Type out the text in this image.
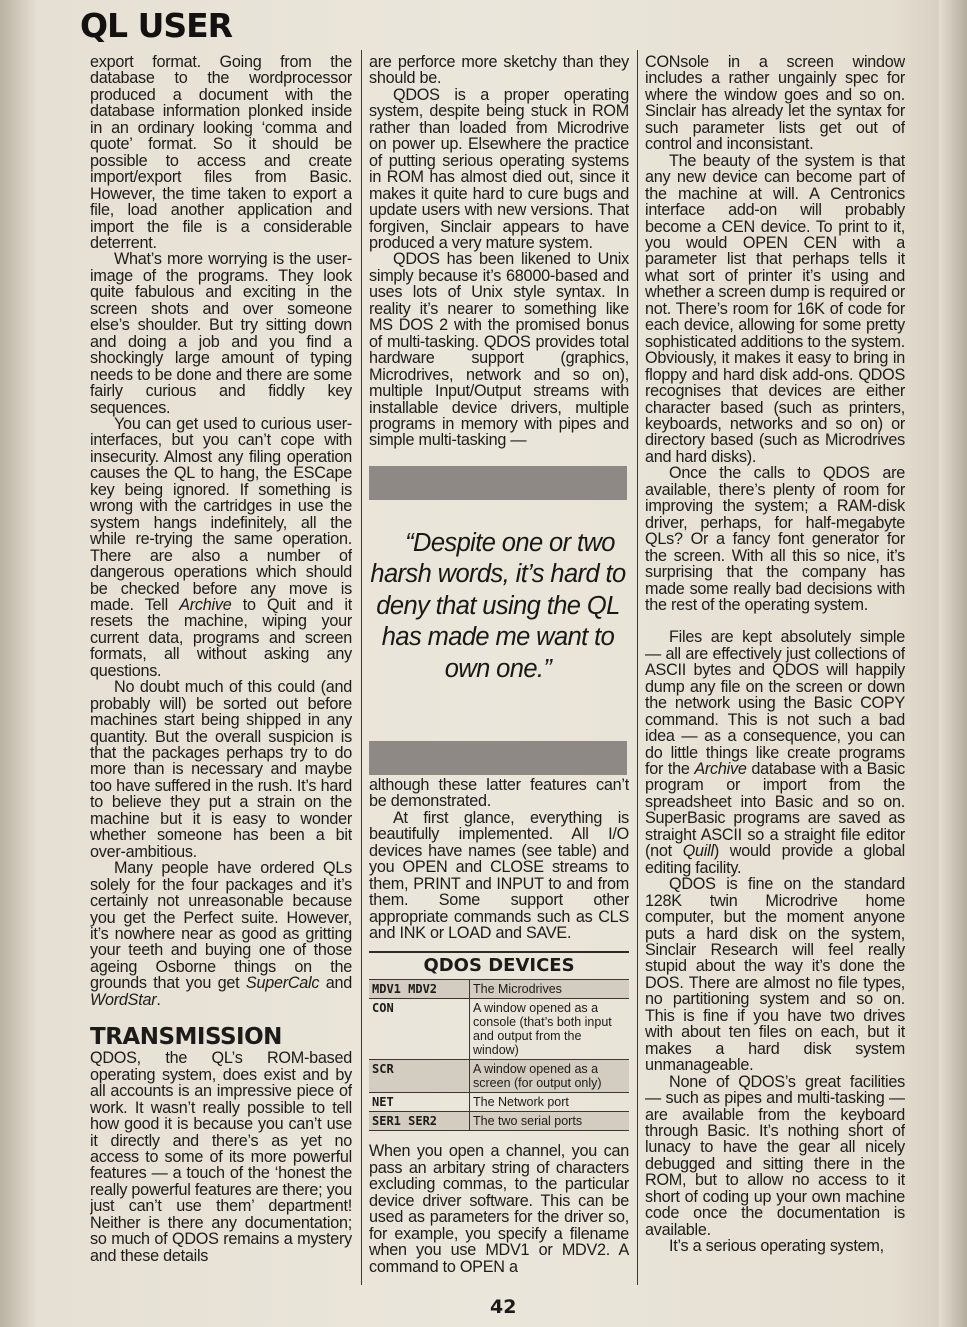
QL USER

export format. Going from the database to the wordprocessor produced a document with the database information plonked inside in an ordinary looking ‘comma and quote’ format. So it should be possible to access and create import/export files from Basic. However, the time taken to export a file, load another application and import the file is a considerable deterrent.

What’s more worrying is the user-image of the programs. They look quite fabulous and exciting in the screen shots and over someone else’s shoulder. But try sitting down and doing a job and you find a shockingly large amount of typing needs to be done and there are some fairly curious and fiddly key sequences.

You can get used to curious user-interfaces, but you can’t cope with insecurity. Almost any filing operation causes the QL to hang, the ESCape key being ignored. If something is wrong with the cartridges in use the system hangs indefinitely, all the while re-trying the same operation. There are also a number of dangerous operations which should be checked before any move is made. Tell Archive to Quit and it resets the machine, wiping your current data, programs and screen formats, all without asking any questions.

No doubt much of this could (and probably will) be sorted out before machines start being shipped in any quantity. But the overall suspicion is that the packages perhaps try to do more than is necessary and maybe too have suffered in the rush. It’s hard to believe they put a strain on the machine but it is easy to wonder whether someone has been a bit over-ambitious.

Many people have ordered QLs solely for the four packages and it’s certainly not unreasonable because you get the Perfect suite. However, it’s nowhere near as good as gritting your teeth and buying one of those ageing Osborne things on the grounds that you get SuperCalc and WordStar.

TRANSMISSION

QDOS, the QL’s ROM-based operating system, does exist and by all accounts is an impressive piece of work. It wasn’t really possible to tell how good it is because you can’t use it directly and there’s as yet no access to some of its more powerful features — a touch of the ‘honest the really powerful features are there; you just can’t use them’ department! Neither is there any documentation; so much of QDOS remains a mystery and these details

are perforce more sketchy than they should be.

QDOS is a proper operating system, despite being stuck in ROM rather than loaded from Microdrive on power up. Elsewhere the practice of putting serious operating systems in ROM has almost died out, since it makes it quite hard to cure bugs and update users with new versions. That forgiven, Sinclair appears to have produced a very mature system.

QDOS has been likened to Unix simply because it’s 68000-based and uses lots of Unix style syntax. In reality it’s nearer to something like MS DOS 2 with the promised bonus of multi-tasking. QDOS provides total hardware support (graphics, Microdrives, network and so on), multiple Input/Output streams with installable device drivers, multiple programs in memory with pipes and simple multi-tasking —

“Despite one or two harsh words, it’s hard to deny that using the QL has made me want to own one.”

although these latter features can’t be demonstrated.

At first glance, everything is beautifully implemented. All I/O devices have names (see table) and you OPEN and CLOSE streams to them, PRINT and INPUT to and from them. Some support other appropriate commands such as CLS and INK or LOAD and SAVE.

QDOS DEVICES
MDV1 MDV2	The Microdrives
CON	A window opened as a console (that’s both input and output from the window)
SCR	A window opened as a screen (for output only)
NET	The Network port
SER1 SER2	The two serial ports

When you open a channel, you can pass an arbitary string of characters excluding commas, to the particular device driver software. This can be used as parameters for the driver so, for example, you specify a filename when you use MDV1 or MDV2. A command to OPEN a

CONsole in a screen window includes a rather ungainly spec for where the window goes and so on. Sinclair has already let the syntax for such parameter lists get out of control and inconsistant.

The beauty of the system is that any new device can become part of the machine at will. A Centronics interface add-on will probably become a CEN device. To print to it, you would OPEN CEN with a parameter list that perhaps tells it what sort of printer it’s using and whether a screen dump is required or not. There’s room for 16K of code for each device, allowing for some pretty sophisticated additions to the system. Obviously, it makes it easy to bring in floppy and hard disk add-ons. QDOS recognises that devices are either character based (such as printers, keyboards, networks and so on) or directory based (such as Microdrives and hard disks).

Once the calls to QDOS are available, there’s plenty of room for improving the system; a RAM-disk driver, perhaps, for half-megabyte QLs? Or a fancy font generator for the screen. With all this so nice, it’s surprising that the company has made some really bad decisions with the rest of the operating system.

Files are kept absolutely simple — all are effectively just collections of ASCII bytes and QDOS will happily dump any file on the screen or down the network using the Basic COPY command. This is not such a bad idea — as a consequence, you can do little things like create programs for the Archive database with a Basic program or import from the spreadsheet into Basic and so on. SuperBasic programs are saved as straight ASCII so a straight file editor (not Quill) would provide a global editing facility.

QDOS is fine on the standard 128K twin Microdrive home computer, but the moment anyone puts a hard disk on the system, Sinclair Research will feel really stupid about the way it’s done the DOS. There are almost no file types, no partitioning system and so on. This is fine if you have two drives with about ten files on each, but it makes a hard disk system unmanageable.

None of QDOS’s great facilities — such as pipes and multi-tasking — are available from the keyboard through Basic. It’s nothing short of lunacy to have the gear all nicely debugged and sitting there in the ROM, but to allow no access to it short of coding up your own machine code once the documentation is available.

It’s a serious operating system,

42
